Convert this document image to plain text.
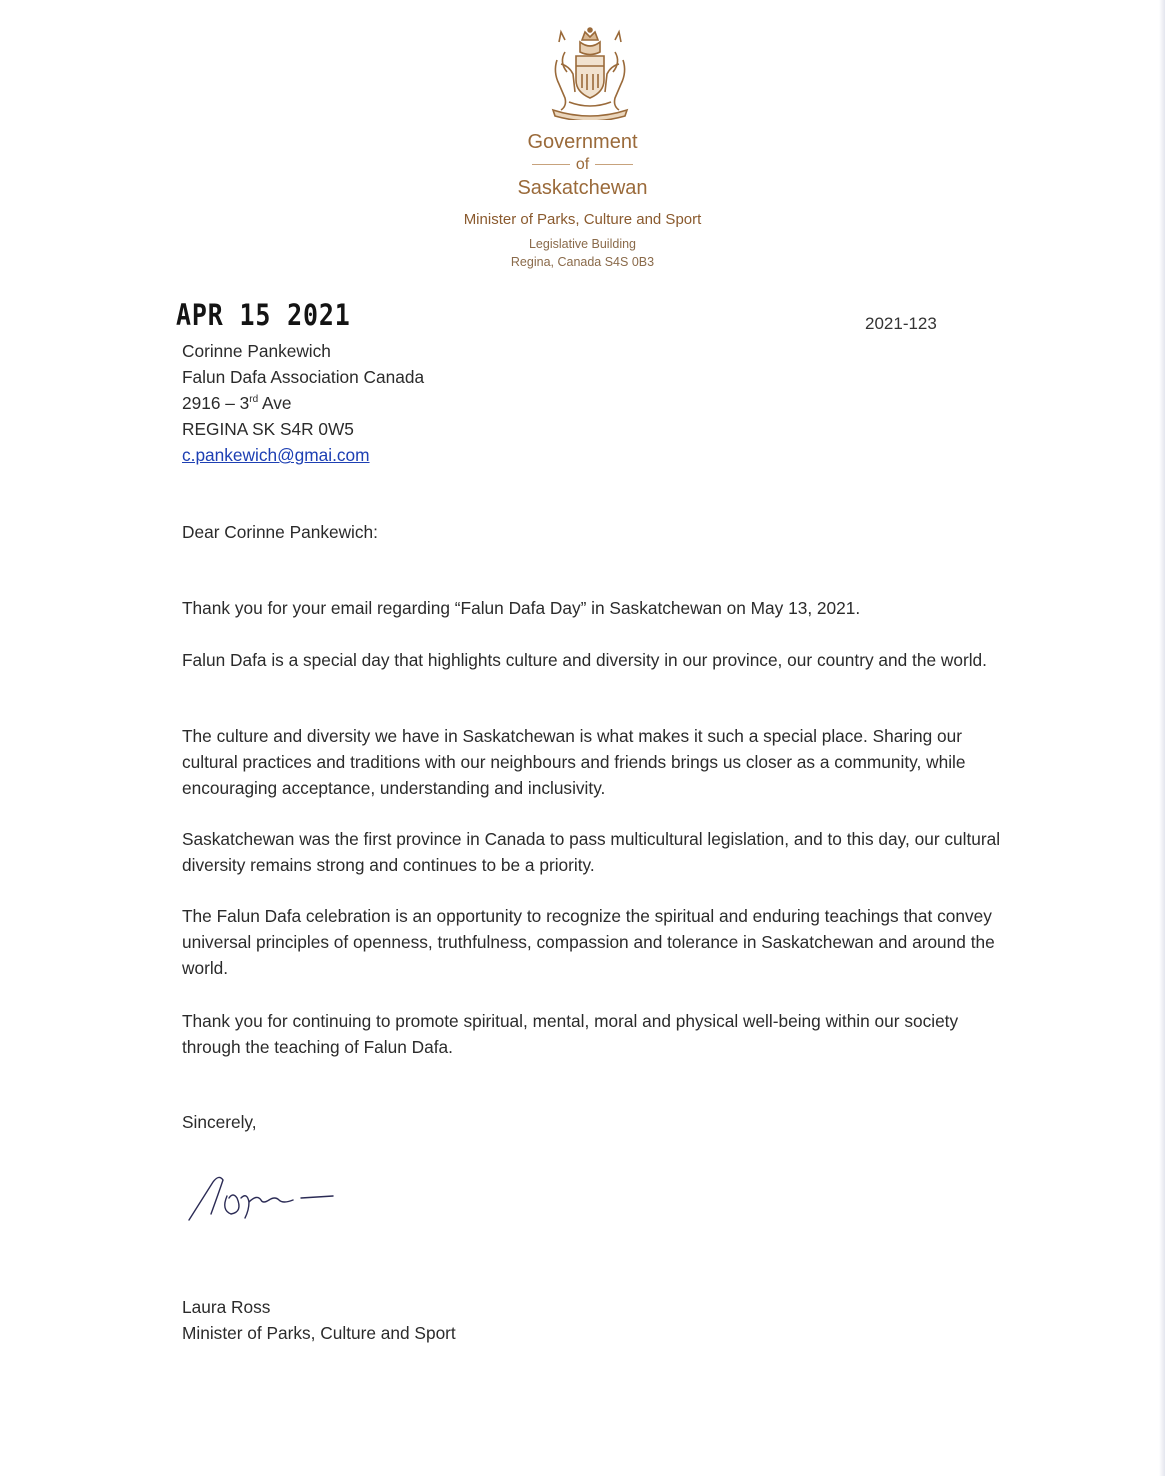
Government
of
Saskatchewan
Minister of Parks, Culture and Sport
Legislative Building
Regina, Canada S4S 0B3
APR 15 2021	2021-123
Corinne Pankewich
Falun Dafa Association Canada
2916 – 3rd Ave
REGINA SK S4R 0W5
c.pankewich@gmai.com
Dear Corinne Pankewich:
Thank you for your email regarding “Falun Dafa Day” in Saskatchewan on May 13, 2021.
Falun Dafa is a special day that highlights culture and diversity in our province, our country and the world.
The culture and diversity we have in Saskatchewan is what makes it such a special place. Sharing our cultural practices and traditions with our neighbours and friends brings us closer as a community, while encouraging acceptance, understanding and inclusivity.
Saskatchewan was the first province in Canada to pass multicultural legislation, and to this day, our cultural diversity remains strong and continues to be a priority.
The Falun Dafa celebration is an opportunity to recognize the spiritual and enduring teachings that convey universal principles of openness, truthfulness, compassion and tolerance in Saskatchewan and around the world.
Thank you for continuing to promote spiritual, mental, moral and physical well-being within our society through the teaching of Falun Dafa.
Sincerely,
Laura Ross
Minister of Parks, Culture and Sport
